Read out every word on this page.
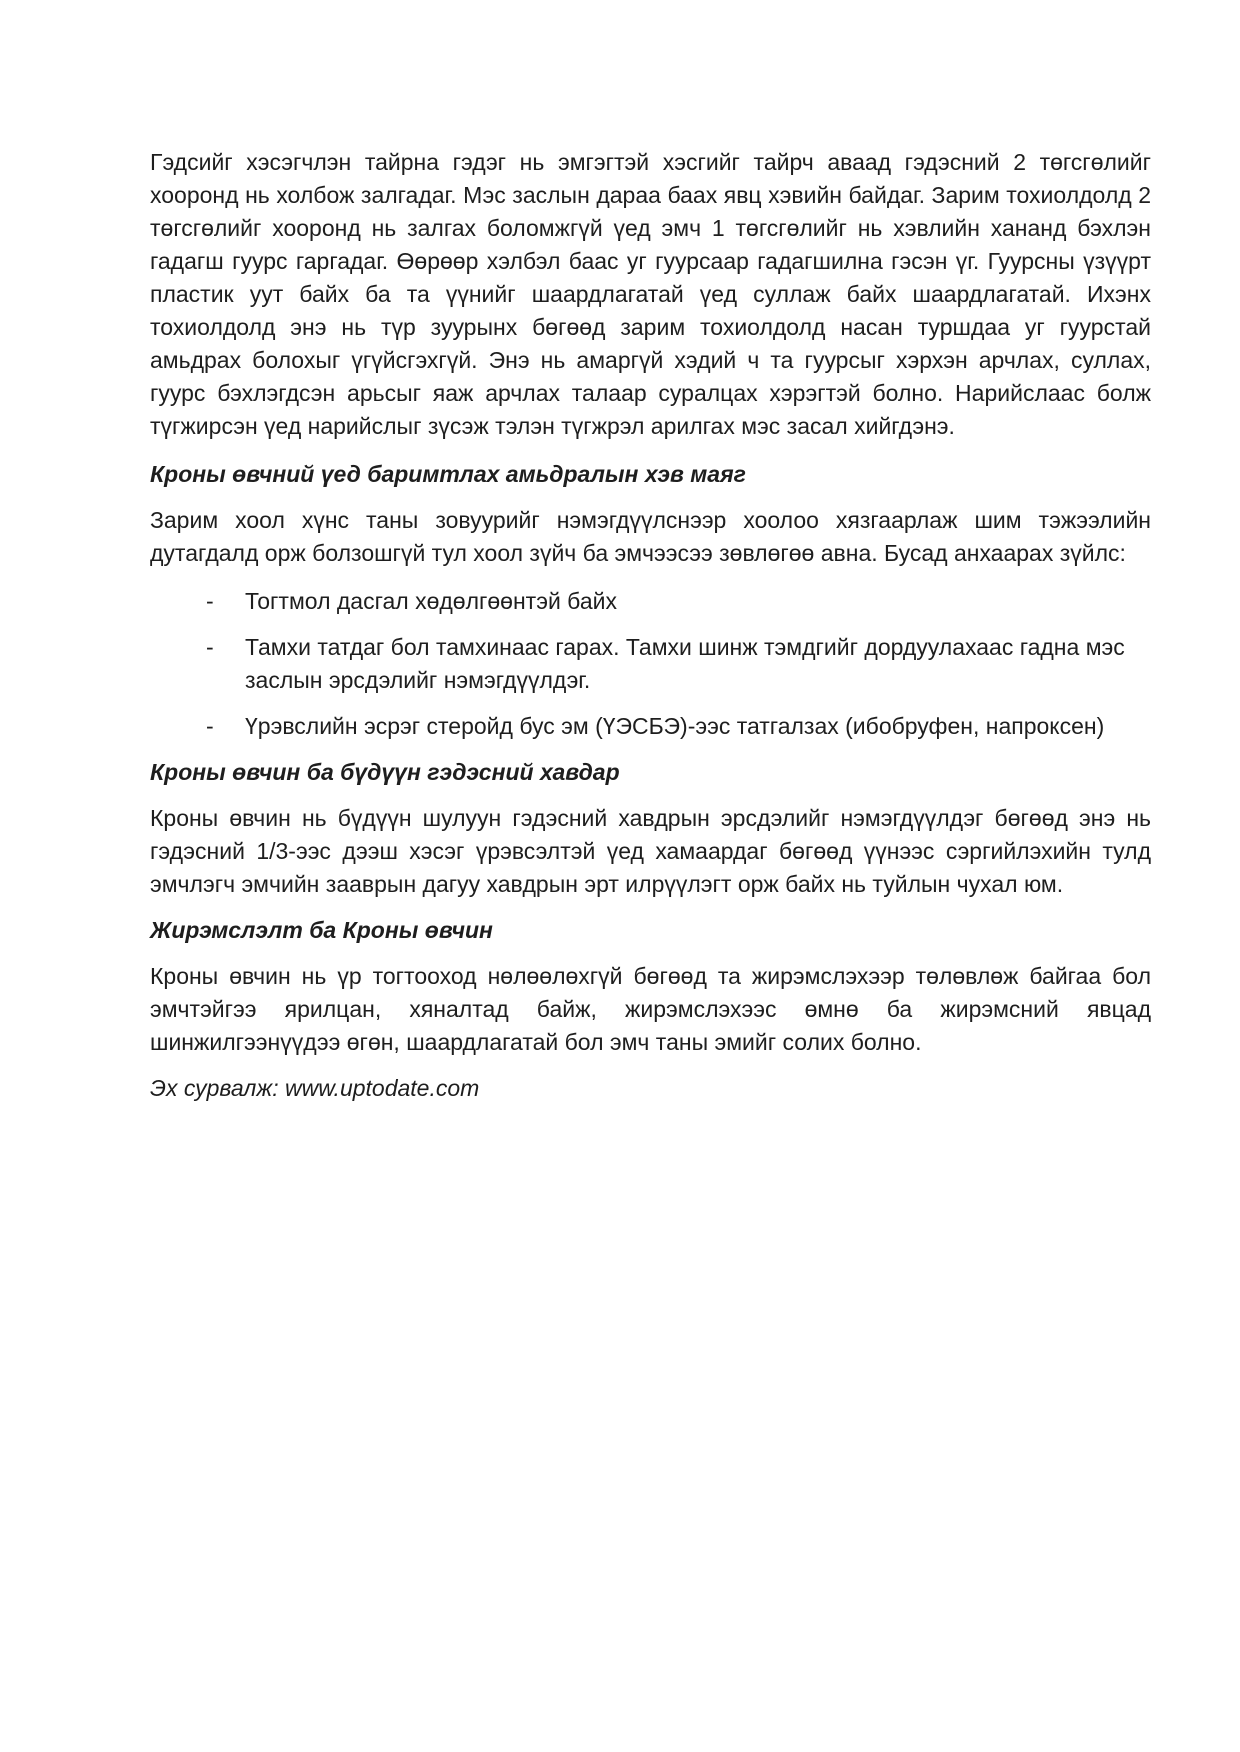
Гэдсийг хэсэгчлэн тайрна гэдэг нь эмгэгтэй хэсгийг тайрч аваад гэдэсний 2 төгсгөлийг хооронд нь холбож залгадаг. Мэс заслын дараа баах явц хэвийн байдаг. Зарим тохиолдолд 2 төгсгөлийг хооронд нь залгах боломжгүй үед эмч 1 төгсгөлийг нь хэвлийн хананд бэхлэн гадагш гуурс гаргадаг. Өөрөөр хэлбэл баас уг гуурсаар гадагшилна гэсэн үг. Гуурсны үзүүрт пластик уут байх ба та үүнийг шаардлагатай үед суллаж байх шаардлагатай. Ихэнх тохиолдолд энэ нь түр зуурынх бөгөөд зарим тохиолдолд насан туршдаа уг гуурстай амьдрах болохыг үгүйсгэхгүй. Энэ нь амаргүй хэдий ч та гуурсыг хэрхэн арчлах, суллах, гуурс бэхлэгдсэн арьсыг яаж арчлах талаар суралцах хэрэгтэй болно. Нарийслаас болж түгжирсэн үед нарийслыг зүсэж тэлэн түгжрэл арилгах мэс засал хийгдэнэ.

Кроны өвчний үед баримтлах амьдралын хэв маяг

Зарим хоол хүнс таны зовуурийг нэмэгдүүлснээр хоолоо хязгаарлаж шим тэжээлийн дутагдалд орж болзошгүй тул хоол зүйч ба эмчээсээ зөвлөгөө авна. Бусад анхаарах зүйлс:

- Тогтмол дасгал хөдөлгөөнтэй байх
- Тамхи татдаг бол тамхинаас гарах. Тамхи шинж тэмдгийг дордуулахаас гадна мэс заслын эрсдэлийг нэмэгдүүлдэг.
- Үрэвслийн эсрэг стеройд бус эм (ҮЭСБЭ)-ээс татгалзах (ибобруфен, напроксен)
Кроны өвчин ба бүдүүн гэдэсний хавдар

Кроны өвчин нь бүдүүн шулуун гэдэсний хавдрын эрсдэлийг нэмэгдүүлдэг бөгөөд энэ нь гэдэсний 1/3-ээс дээш хэсэг үрэвсэлтэй үед хамаардаг бөгөөд үүнээс сэргийлэхийн тулд эмчлэгч эмчийн зааврын дагуу хавдрын эрт илрүүлэгт орж байх нь туйлын чухал юм.

Жирэмслэлт ба Кроны өвчин

Кроны өвчин нь үр тогтооход нөлөөлөхгүй бөгөөд та жирэмслэхээр төлөвлөж байгаа бол эмчтэйгээ ярилцан, хяналтад байж, жирэмслэхээс өмнө ба жирэмсний явцад шинжилгээнүүдээ өгөн, шаардлагатай бол эмч таны эмийг солих болно.

Эх сурвалж: www.uptodate.com
